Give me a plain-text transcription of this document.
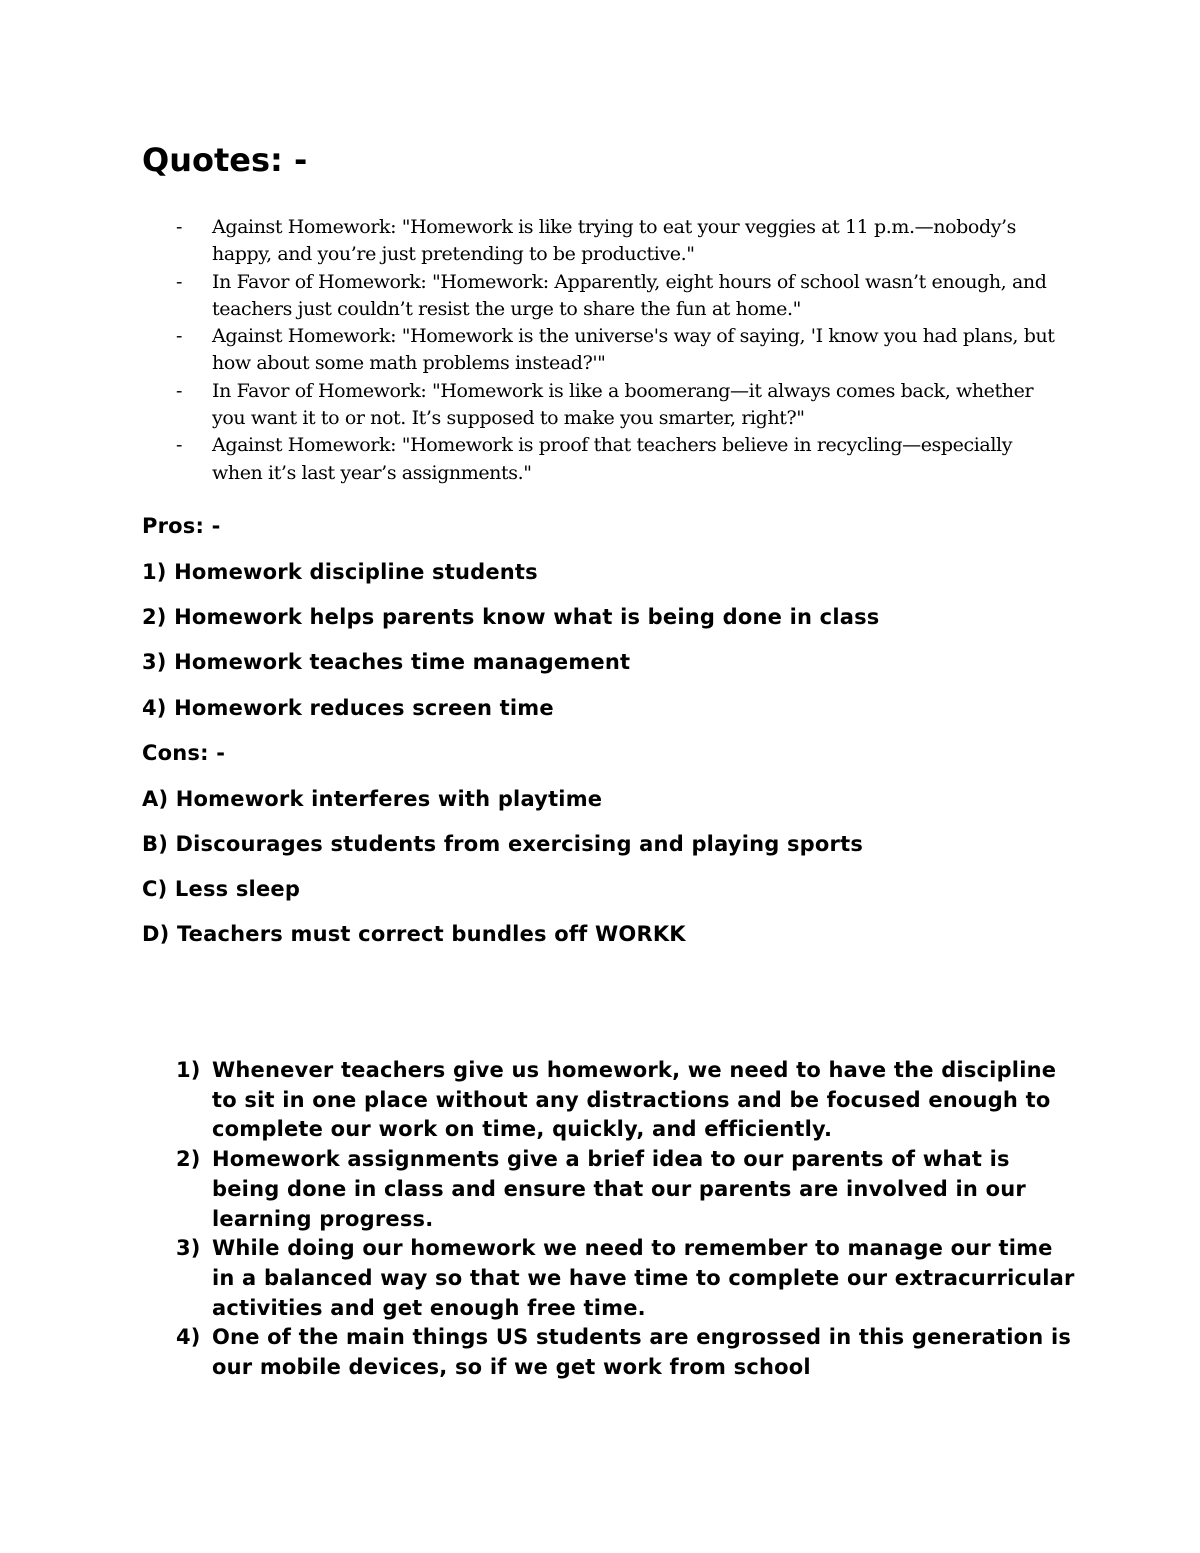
Quotes: -
- Against Homework: "Homework is like trying to eat your veggies at 11 p.m.—nobody’s happy, and you’re just pretending to be productive."
- In Favor of Homework: "Homework: Apparently, eight hours of school wasn’t enough, and teachers just couldn’t resist the urge to share the fun at home."
- Against Homework: "Homework is the universe's way of saying, 'I know you had plans, but how about some math problems instead?'"
- In Favor of Homework: "Homework is like a boomerang—it always comes back, whether you want it to or not. It’s supposed to make you smarter, right?"
- Against Homework: "Homework is proof that teachers believe in recycling—especially when it’s last year’s assignments."

Pros: -

1) Homework discipline students

2) Homework helps parents know what is being done in class

3) Homework teaches time management

4) Homework reduces screen time

Cons: -

A) Homework interferes with playtime

B) Discourages students from exercising and playing sports

C) Less sleep

D) Teachers must correct bundles off WORKK

1) Whenever teachers give us homework, we need to have the discipline to sit in one place without any distractions and be focused enough to complete our work on time, quickly, and efficiently.
2) Homework assignments give a brief idea to our parents of what is being done in class and ensure that our parents are involved in our learning progress.
3) While doing our homework we need to remember to manage our time in a balanced way so that we have time to complete our extracurricular activities and get enough free time.
4) One of the main things US students are engrossed in this generation is our mobile devices, so if we get work from school
